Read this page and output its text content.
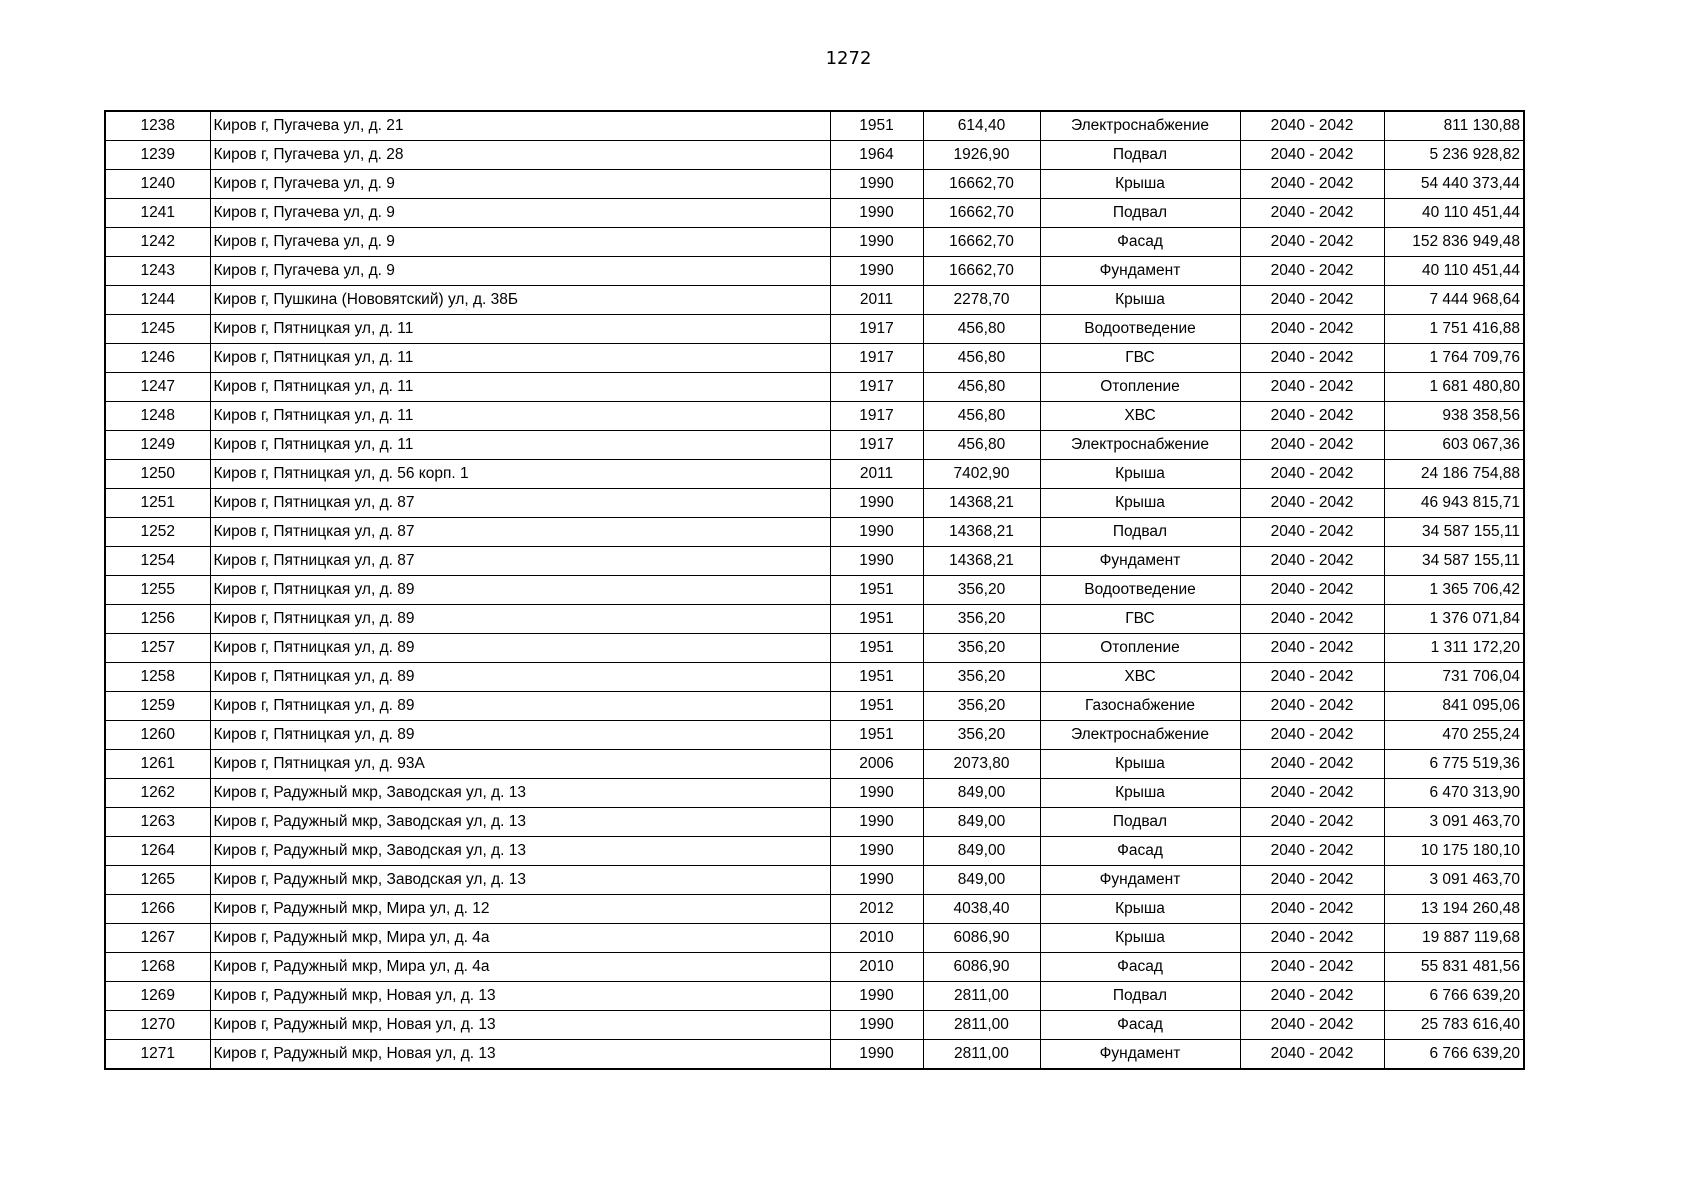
1272
1238	Киров г, Пугачева ул, д. 21	1951	614,40	Электроснабжение	2040 - 2042	811 130,88
1239	Киров г, Пугачева ул, д. 28	1964	1926,90	Подвал	2040 - 2042	5 236 928,82
1240	Киров г, Пугачева ул, д. 9	1990	16662,70	Крыша	2040 - 2042	54 440 373,44
1241	Киров г, Пугачева ул, д. 9	1990	16662,70	Подвал	2040 - 2042	40 110 451,44
1242	Киров г, Пугачева ул, д. 9	1990	16662,70	Фасад	2040 - 2042	152 836 949,48
1243	Киров г, Пугачева ул, д. 9	1990	16662,70	Фундамент	2040 - 2042	40 110 451,44
1244	Киров г, Пушкина (Нововятский) ул, д. 38Б	2011	2278,70	Крыша	2040 - 2042	7 444 968,64
1245	Киров г, Пятницкая ул, д. 11	1917	456,80	Водоотведение	2040 - 2042	1 751 416,88
1246	Киров г, Пятницкая ул, д. 11	1917	456,80	ГВС	2040 - 2042	1 764 709,76
1247	Киров г, Пятницкая ул, д. 11	1917	456,80	Отопление	2040 - 2042	1 681 480,80
1248	Киров г, Пятницкая ул, д. 11	1917	456,80	ХВС	2040 - 2042	938 358,56
1249	Киров г, Пятницкая ул, д. 11	1917	456,80	Электроснабжение	2040 - 2042	603 067,36
1250	Киров г, Пятницкая ул, д. 56 корп. 1	2011	7402,90	Крыша	2040 - 2042	24 186 754,88
1251	Киров г, Пятницкая ул, д. 87	1990	14368,21	Крыша	2040 - 2042	46 943 815,71
1252	Киров г, Пятницкая ул, д. 87	1990	14368,21	Подвал	2040 - 2042	34 587 155,11
1254	Киров г, Пятницкая ул, д. 87	1990	14368,21	Фундамент	2040 - 2042	34 587 155,11
1255	Киров г, Пятницкая ул, д. 89	1951	356,20	Водоотведение	2040 - 2042	1 365 706,42
1256	Киров г, Пятницкая ул, д. 89	1951	356,20	ГВС	2040 - 2042	1 376 071,84
1257	Киров г, Пятницкая ул, д. 89	1951	356,20	Отопление	2040 - 2042	1 311 172,20
1258	Киров г, Пятницкая ул, д. 89	1951	356,20	ХВС	2040 - 2042	731 706,04
1259	Киров г, Пятницкая ул, д. 89	1951	356,20	Газоснабжение	2040 - 2042	841 095,06
1260	Киров г, Пятницкая ул, д. 89	1951	356,20	Электроснабжение	2040 - 2042	470 255,24
1261	Киров г, Пятницкая ул, д. 93А	2006	2073,80	Крыша	2040 - 2042	6 775 519,36
1262	Киров г, Радужный мкр, Заводская ул, д. 13	1990	849,00	Крыша	2040 - 2042	6 470 313,90
1263	Киров г, Радужный мкр, Заводская ул, д. 13	1990	849,00	Подвал	2040 - 2042	3 091 463,70
1264	Киров г, Радужный мкр, Заводская ул, д. 13	1990	849,00	Фасад	2040 - 2042	10 175 180,10
1265	Киров г, Радужный мкр, Заводская ул, д. 13	1990	849,00	Фундамент	2040 - 2042	3 091 463,70
1266	Киров г, Радужный мкр, Мира ул, д. 12	2012	4038,40	Крыша	2040 - 2042	13 194 260,48
1267	Киров г, Радужный мкр, Мира ул, д. 4а	2010	6086,90	Крыша	2040 - 2042	19 887 119,68
1268	Киров г, Радужный мкр, Мира ул, д. 4а	2010	6086,90	Фасад	2040 - 2042	55 831 481,56
1269	Киров г, Радужный мкр, Новая ул, д. 13	1990	2811,00	Подвал	2040 - 2042	6 766 639,20
1270	Киров г, Радужный мкр, Новая ул, д. 13	1990	2811,00	Фасад	2040 - 2042	25 783 616,40
1271	Киров г, Радужный мкр, Новая ул, д. 13	1990	2811,00	Фундамент	2040 - 2042	6 766 639,20
